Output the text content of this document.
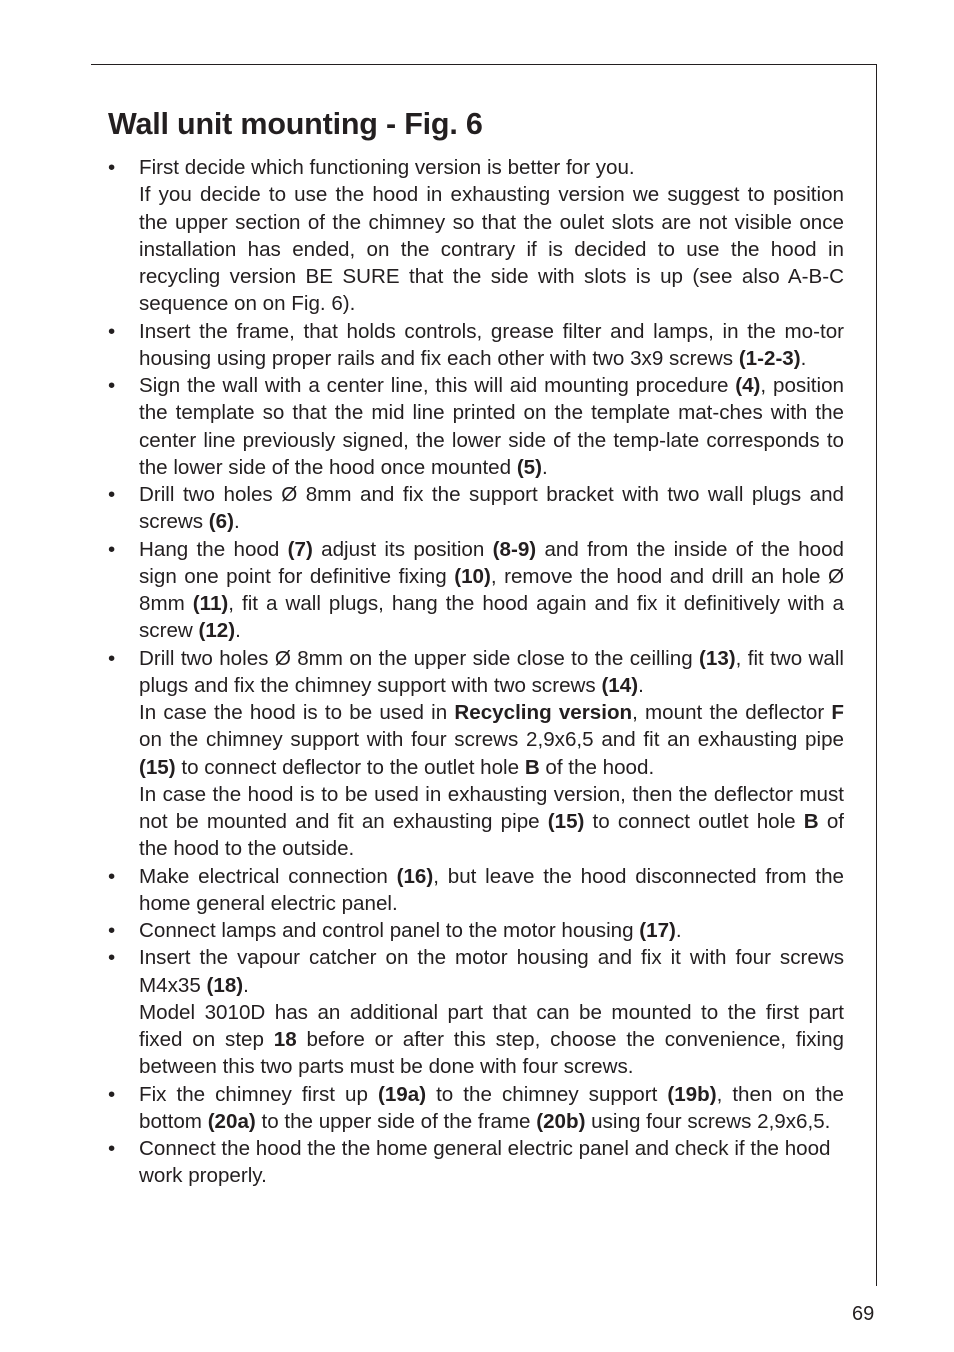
Wall unit mounting - Fig. 6
• First decide which functioning version is better for you.
If you decide to use the hood in exhausting version we suggest to position the upper section of the chimney so that the oulet slots are not visible once installation has ended, on the contrary if is decided to use the hood in recycling version BE SURE that the side with slots is up (see also A-B-C sequence on on Fig. 6).
• Insert the frame, that holds controls, grease filter and lamps, in the mo-tor housing using proper rails and fix each other with two 3x9 screws (1-2-3).
• Sign the wall with a center line, this will aid mounting procedure (4), position the template so that the mid line printed on the template mat-ches with the center line previously signed, the lower side of the temp-late corresponds to the lower side of the hood once mounted (5).
• Drill two holes Ø 8mm and fix the support bracket with two wall plugs and screws (6).
• Hang the hood (7) adjust its position (8-9) and from the inside of the hood sign one point for definitive fixing (10), remove the hood and drill an hole Ø 8mm (11), fit a wall plugs, hang the hood again and fix it definitively with a screw (12).
• Drill two holes Ø 8mm on the upper side close to the ceilling (13), fit two wall plugs and fix the chimney support with two screws (14).
In case the hood is to be used in Recycling version, mount the deflector F on the chimney support with four screws 2,9x6,5 and fit an exhausting pipe (15) to connect deflector to the outlet hole B of the hood.
In case the hood is to be used in exhausting version, then the deflector must not be mounted and fit an exhausting pipe (15) to connect outlet hole B of the hood to the outside.
• Make electrical connection (16), but leave the hood disconnected from the home general electric panel.
• Connect lamps and control panel to the motor housing (17).
• Insert the vapour catcher on the motor housing and fix it with four screws M4x35 (18).
Model 3010D has an additional part that can be mounted to the first part fixed on step 18 before or after this step, choose the convenience, fixing between this two parts must be done with four screws.
• Fix the chimney first up (19a) to the chimney support (19b), then on the bottom (20a) to the upper side of the frame (20b) using four screws 2,9x6,5.
• Connect the hood the the home general electric panel and check if the hood work properly.
69
